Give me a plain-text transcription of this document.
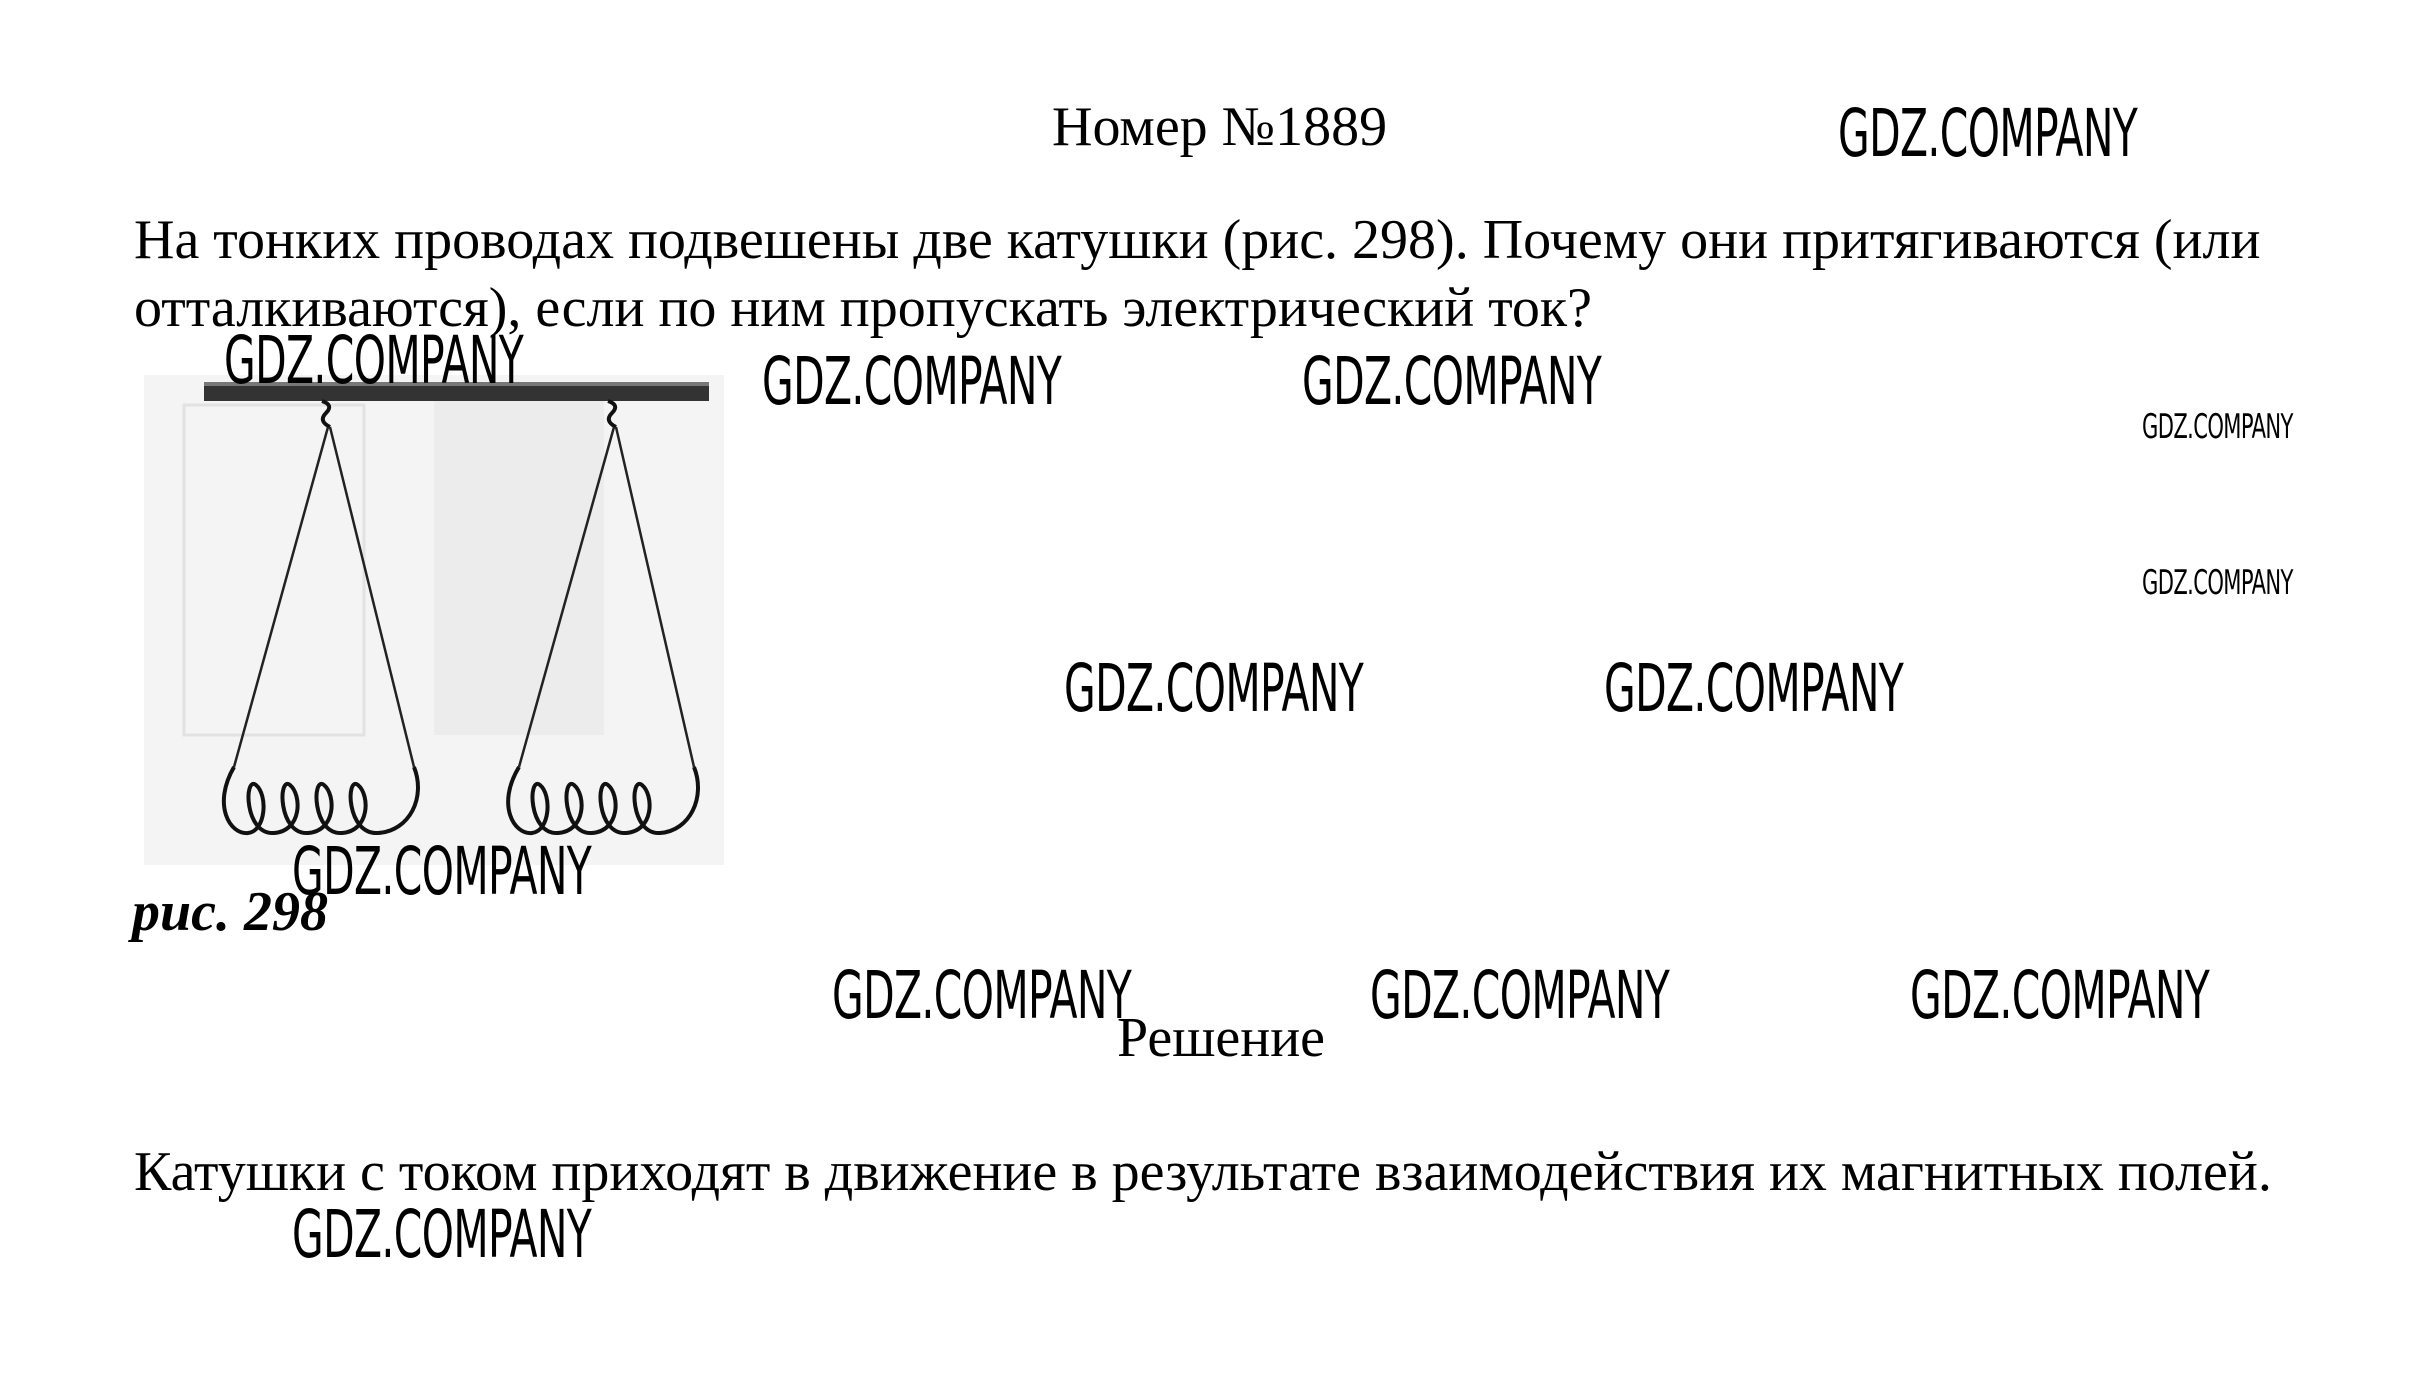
Номер №1889
На тонких проводах подвешены две катушки (рис. 298). Почему они притягиваются (или отталкиваются), если по ним пропускать электрический ток?
рис. 298
Решение
Катушки с током приходят в движение в результате взаимодействия их магнитных полей.
GDZ.COMPANY
GDZ.COMPANY	GDZ.COMPANY	GDZ.COMPANY
GDZ.COMPANY
GDZ.COMPANY
GDZ.COMPANY	GDZ.COMPANY
GDZ.COMPANY
GDZ.COMPANY	GDZ.COMPANY	GDZ.COMPANY
GDZ.COMPANY
